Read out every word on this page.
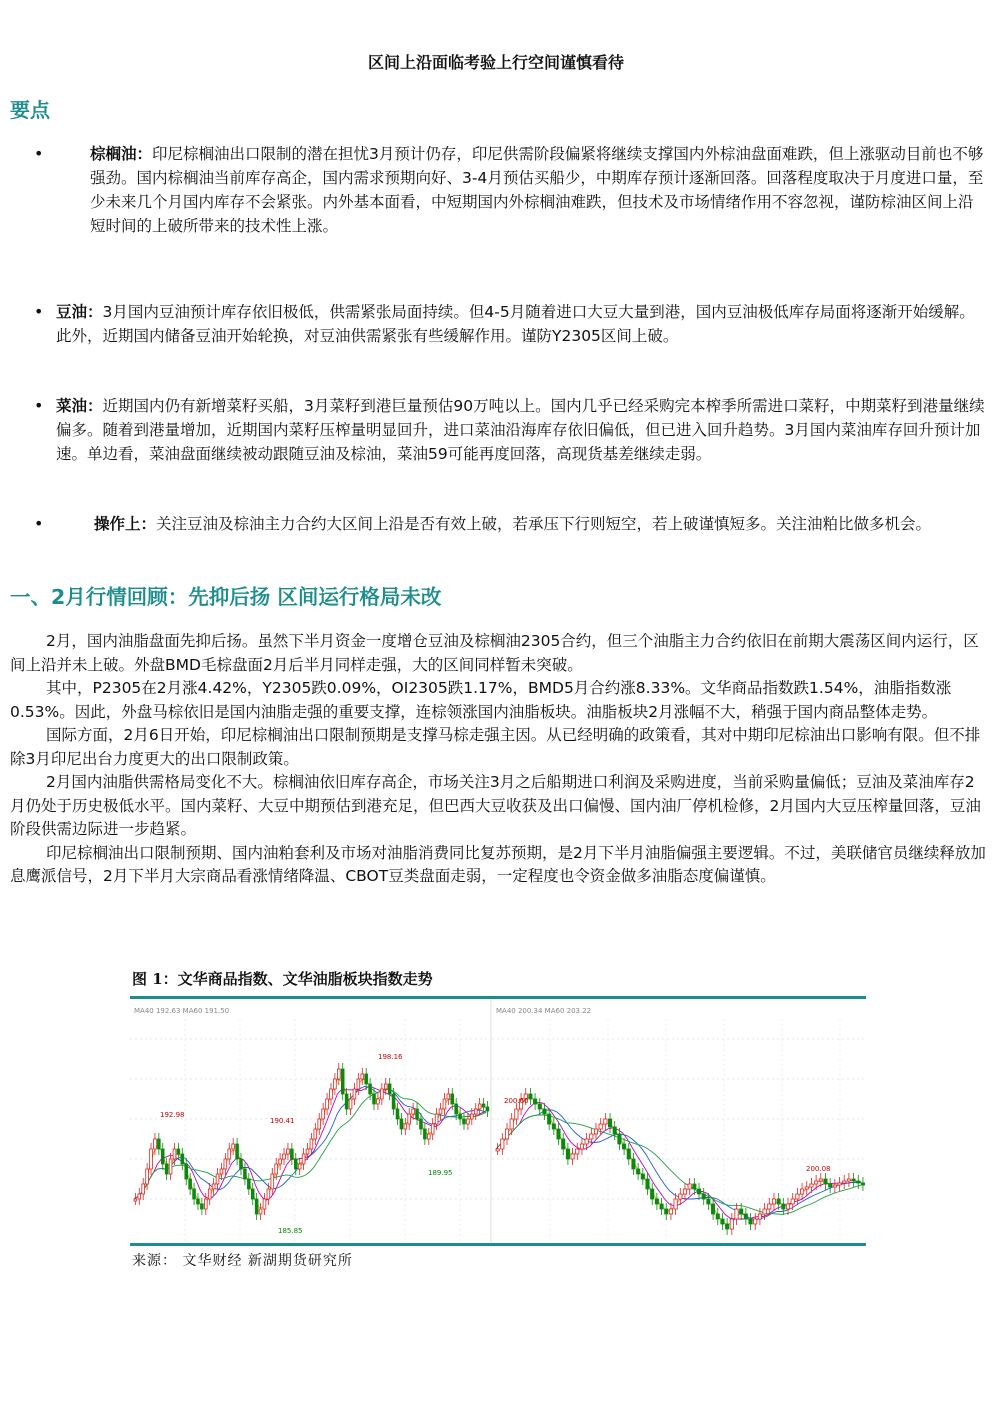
区间上沿面临考验上行空间谨慎看待
要点
•	棕榈油：印尼棕榈油出口限制的潜在担忧3月预计仍存，印尼供需阶段偏紧将继续支撑国内外棕油盘面难跌，但上涨驱动目前也不够强劲。国内棕榈油当前库存高企，国内需求预期向好、3-4月预估买船少，中期库存预计逐渐回落。回落程度取决于月度进口量，至少未来几个月国内库存不会紧张。内外基本面看，中短期国内外棕榈油难跌，但技术及市场情绪作用不容忽视，谨防棕油区间上沿短时间的上破所带来的技术性上涨。
• 豆油：3月国内豆油预计库存依旧极低，供需紧张局面持续。但4-5月随着进口大豆大量到港，国内豆油极低库存局面将逐渐开始缓解。此外，近期国内储备豆油开始轮换，对豆油供需紧张有些缓解作用。谨防Y2305区间上破。
• 菜油：近期国内仍有新增菜籽买船，3月菜籽到港巨量预估90万吨以上。国内几乎已经采购完本榨季所需进口菜籽，中期菜籽到港量继续偏多。随着到港量增加，近期国内菜籽压榨量明显回升，进口菜油沿海库存依旧偏低，但已进入回升趋势。3月国内菜油库存回升预计加速。单边看，菜油盘面继续被动跟随豆油及棕油，菜油59可能再度回落，高现货基差继续走弱。
•	操作上：关注豆油及棕油主力合约大区间上沿是否有效上破，若承压下行则短空，若上破谨慎短多。关注油粕比做多机会。
一、2月行情回顾：先抑后扬 区间运行格局未改

2月，国内油脂盘面先抑后扬。虽然下半月资金一度增仓豆油及棕榈油2305合约，但三个油脂主力合约依旧在前期大震荡区间内运行，区间上沿并未上破。外盘BMD毛棕盘面2月后半月同样走强，大的区间同样暂未突破。

其中，P2305在2月涨4.42%，Y2305跌0.09%，OI2305跌1.17%，BMD5月合约涨8.33%。文华商品指数跌1.54%，油脂指数涨0.53%。因此，外盘马棕依旧是国内油脂走强的重要支撑，连棕领涨国内油脂板块。油脂板块2月涨幅不大，稍强于国内商品整体走势。

国际方面，2月6日开始，印尼棕榈油出口限制预期是支撑马棕走强主因。从已经明确的政策看，其对中期印尼棕油出口影响有限。但不排除3月印尼出台力度更大的出口限制政策。

2月国内油脂供需格局变化不大。棕榈油依旧库存高企，市场关注3月之后船期进口利润及采购进度，当前采购量偏低；豆油及菜油库存2月仍处于历史极低水平。国内菜籽、大豆中期预估到港充足，但巴西大豆收获及出口偏慢、国内油厂停机检修，2月国内大豆压榨量回落，豆油阶段供需边际进一步趋紧。

印尼棕榈油出口限制预期、国内油粕套利及市场对油脂消费同比复苏预期，是2月下半月油脂偏强主要逻辑。不过，美联储官员继续释放加息鹰派信号，2月下半月大宗商品看涨情绪降温、CBOT豆类盘面走弱，一定程度也令资金做多油脂态度偏谨慎。

图 1：文华商品指数、文华油脂板块指数走势
MA40 192.63 MA60 191.50	MA40 200.34 MA60 203.22
192.98
190.41
198.16
185.85
189.95
200.60
200.08
来源： 文华财经 新湖期货研究所
